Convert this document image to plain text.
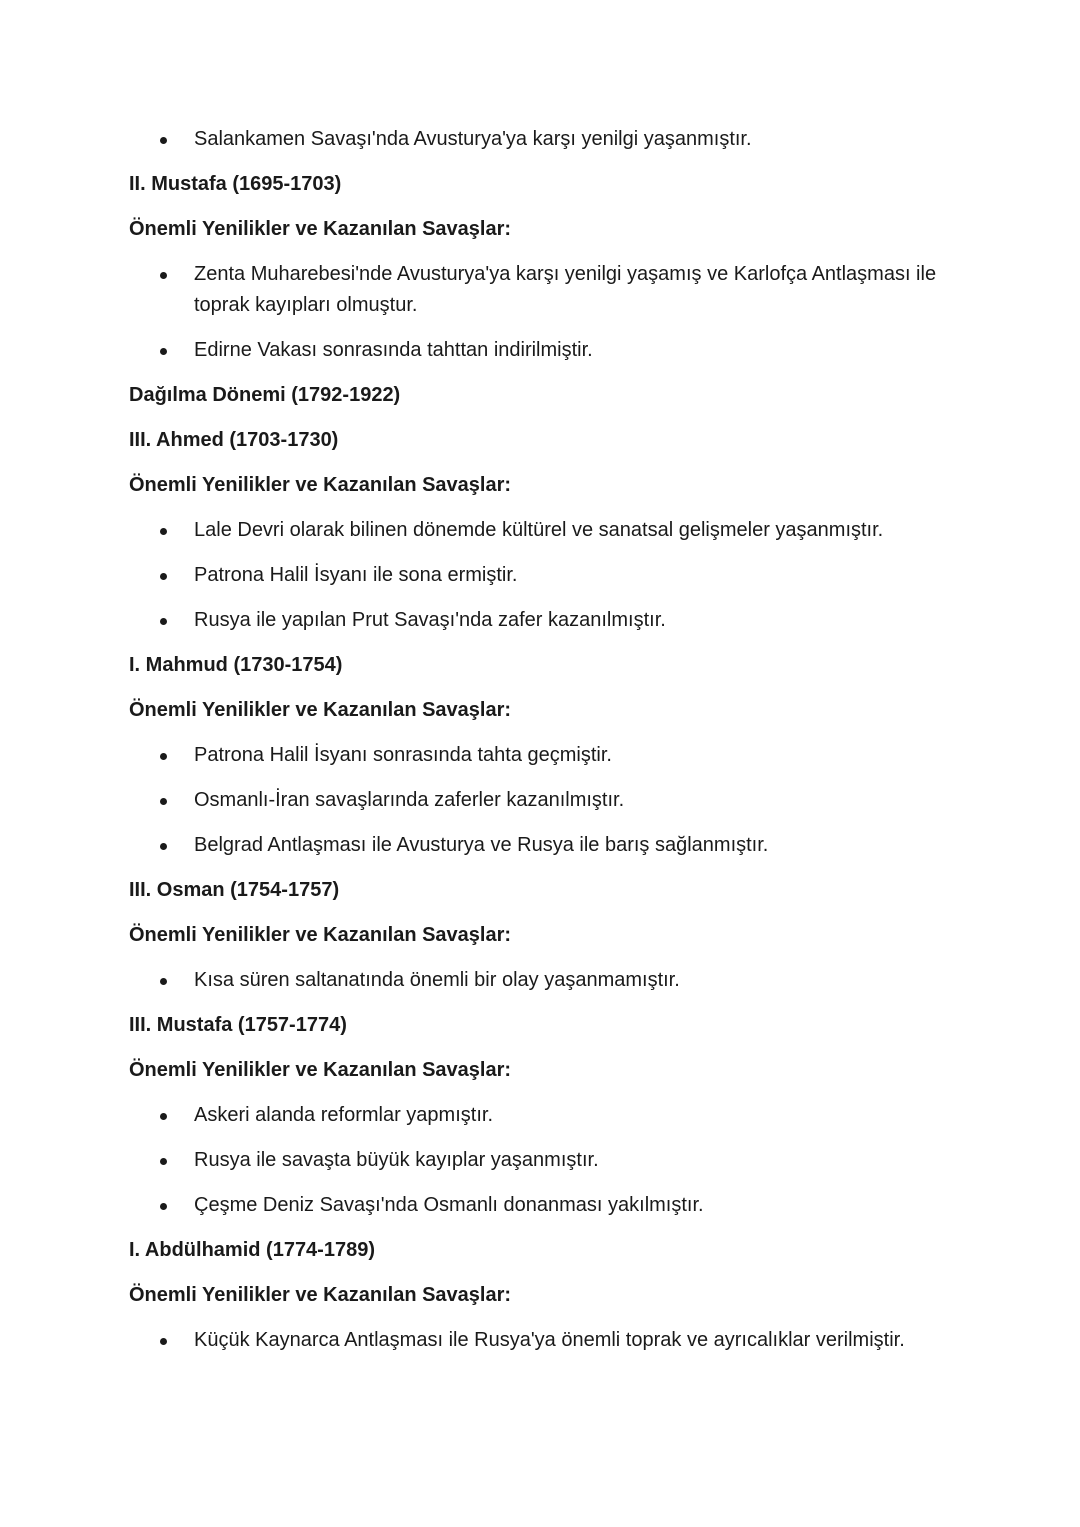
Salankamen Savaşı'nda Avusturya'ya karşı yenilgi yaşanmıştır.
II. Mustafa (1695-1703)
Önemli Yenilikler ve Kazanılan Savaşlar:
Zenta Muharebesi'nde Avusturya'ya karşı yenilgi yaşamış ve Karlofça Antlaşması ile toprak kayıpları olmuştur.
Edirne Vakası sonrasında tahttan indirilmiştir.
Dağılma Dönemi (1792-1922)
III. Ahmed (1703-1730)
Önemli Yenilikler ve Kazanılan Savaşlar:
Lale Devri olarak bilinen dönemde kültürel ve sanatsal gelişmeler yaşanmıştır.
Patrona Halil İsyanı ile sona ermiştir.
Rusya ile yapılan Prut Savaşı'nda zafer kazanılmıştır.
I. Mahmud (1730-1754)
Önemli Yenilikler ve Kazanılan Savaşlar:
Patrona Halil İsyanı sonrasında tahta geçmiştir.
Osmanlı-İran savaşlarında zaferler kazanılmıştır.
Belgrad Antlaşması ile Avusturya ve Rusya ile barış sağlanmıştır.
III. Osman (1754-1757)
Önemli Yenilikler ve Kazanılan Savaşlar:
Kısa süren saltanatında önemli bir olay yaşanmamıştır.
III. Mustafa (1757-1774)
Önemli Yenilikler ve Kazanılan Savaşlar:
Askeri alanda reformlar yapmıştır.
Rusya ile savaşta büyük kayıplar yaşanmıştır.
Çeşme Deniz Savaşı'nda Osmanlı donanması yakılmıştır.
I. Abdülhamid (1774-1789)
Önemli Yenilikler ve Kazanılan Savaşlar:
Küçük Kaynarca Antlaşması ile Rusya'ya önemli toprak ve ayrıcalıklar verilmiştir.
